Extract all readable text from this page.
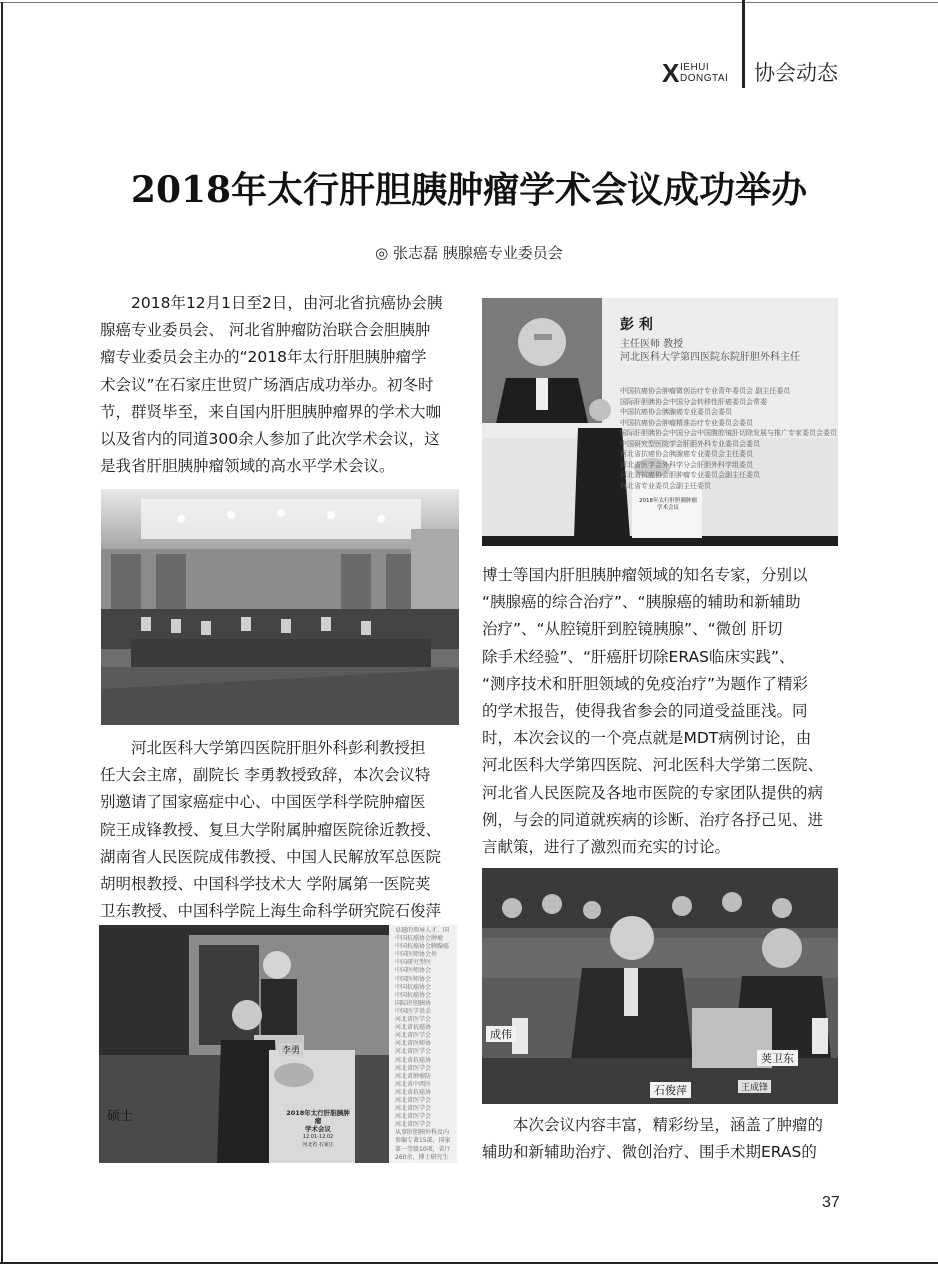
X IEHUI
DONGTAI 协会动态
2018年太行肝胆胰肿瘤学术会议成功举办
◎ 张志磊 胰腺癌专业委员会
2018年12月1日至2日，由河北省抗癌协会胰
腺癌专业委员会、 河北省肿瘤防治联合会胆胰肿
瘤专业委员会主办的“2018年太行肝胆胰肿瘤学
术会议”在石家庄世贸广场酒店成功举办。初冬时
节，群贤毕至，来自国内肝胆胰肿瘤界的学术大咖
以及省内的同道300余人参加了此次学术会议，这
是我省肝胆胰肿瘤领域的高水平学术会议。
河北医科大学第四医院肝胆外科彭利教授担
任大会主席，副院长 李勇教授致辞，本次会议特
别邀请了国家癌症中心、中国医学科学院肿瘤医
院王成锋教授、复旦大学附属肿瘤医院徐近教授、
湖南省人民医院成伟教授、中国人民解放军总医院
胡明根教授、中国科学技术大 学附属第一医院荚
卫东教授、中国科学院上海生命科学研究院石俊萍
李勇
硕士	2018年太行肝胆胰肿瘤
学术会议
12.01-12.02
河北省 石家庄
卓越的领导人才、国
中国抗癌协会肿瘤
中国抗癌协会胰腺癌
中国医师协会外
中国研究型医
中国医师协会
中国医师协会
中国抗癌协会
中国抗癌协会
国际肝胆胰协
中国医学基金
河北省医学会
河北省抗癌协
河北省医学会
河北省医师协
河北省医学会
河北省抗癌协
河北省医学会
河北省肿瘤防
河北省中西医
河北省抗癌协
河北省医学会
河北省医学会
河北省医学会
河北省医学会
从事肝胆胰外科及内
参编专著15部，国家
第一等级10项，省厅
260余，博士研究生
彭 利
主任医师 教授
河北医科大学第四医院东院肝胆外科主任
中国抗癌协会肿瘤微创治疗专业青年委员会 副主任委员
国际肝胆胰协会中国分会转移性肝癌委员会常委
中国抗癌协会胰腺癌专业委员会委员
中国抗癌协会肿瘤精准治疗专业委员会委员
国际肝胆胰协会中国分会中国腹腔镜肝切除发展与推广专家委员会委员
中国研究型医院学会肝胆外科专业委员会委员
河北省抗癌协会胰腺癌专业委员会主任委员
河北省医学会外科学分会肝胆外科学组委员
河北省抗癌协会胆肿瘤专业委员会副主任委员
河北省专业委员会副主任委员
2018年太行肝胆胰肿瘤学术会议
博士等国内肝胆胰肿瘤领域的知名专家，分别以
“胰腺癌的综合治疗”、“胰腺癌的辅助和新辅助
治疗”、“从腔镜肝到腔镜胰腺”、“微创 肝切
除手术经验”、“肝癌肝切除ERAS临床实践”、
“测序技术和肝胆领域的免疫治疗”为题作了精彩
的学术报告，使得我省参会的同道受益匪浅。同
时，本次会议的一个亮点就是MDT病例讨论，由
河北医科大学第四医院、河北医科大学第二医院、
河北省人民医院及各地市医院的专家团队提供的病
例，与会的同道就疾病的诊断、治疗各抒己见、进
言献策，进行了激烈而充实的讨论。
石俊萍
荚卫东
成伟
王成锋
本次会议内容丰富，精彩纷呈，涵盖了肿瘤的
辅助和新辅助治疗、微创治疗、围手术期ERAS的
37
